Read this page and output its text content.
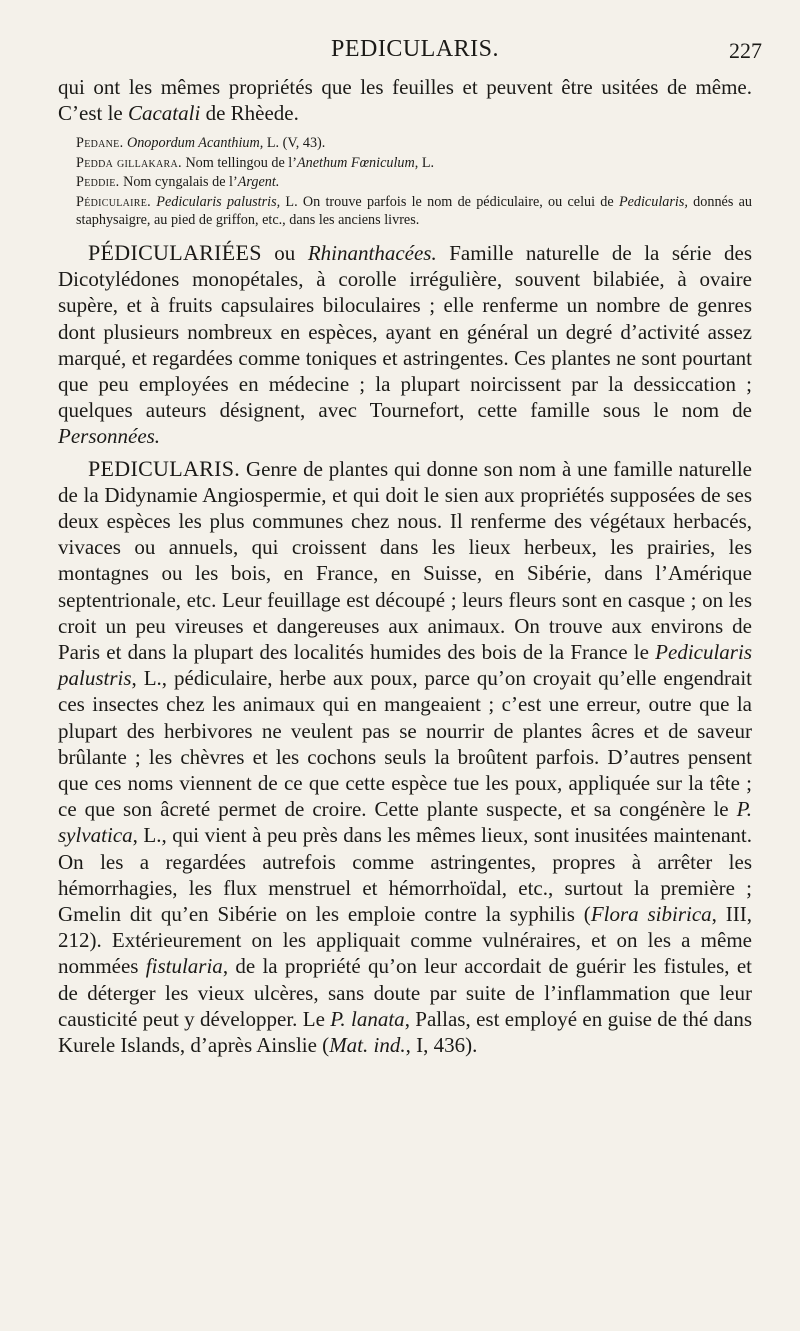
PEDICULARIS.	227

qui ont les mêmes propriétés que les feuilles et peuvent être usitées de même. C’est le Cacatali de Rhèede.

Pedane. Onopordum Acanthium, L. (V, 43).

Pedda gillakara. Nom tellingou de l’Anethum Fœniculum, L.

Peddie. Nom cyngalais de l’Argent.

Pédiculaire. Pedicularis palustris, L. On trouve parfois le nom de pédiculaire, ou celui de Pedicularis, donnés au staphysaigre, au pied de griffon, etc., dans les anciens livres.

PÉDICULARIÉES ou Rhinanthacées. Famille naturelle de la série des Dicotylédones monopétales, à corolle irrégulière, souvent bilabiée, à ovaire supère, et à fruits capsulaires biloculaires ; elle renferme un nombre de genres dont plusieurs nombreux en espèces, ayant en général un degré d’activité assez marqué, et regardées comme toniques et astringentes. Ces plantes ne sont pourtant que peu employées en médecine ; la plupart noircissent par la dessiccation ; quelques auteurs désignent, avec Tournefort, cette famille sous le nom de Personnées.

PEDICULARIS. Genre de plantes qui donne son nom à une famille naturelle de la Didynamie Angiospermie, et qui doit le sien aux propriétés supposées de ses deux espèces les plus communes chez nous. Il renferme des végétaux herbacés, vivaces ou annuels, qui croissent dans les lieux herbeux, les prairies, les montagnes ou les bois, en France, en Suisse, en Sibérie, dans l’Amérique septentrionale, etc. Leur feuillage est découpé ; leurs fleurs sont en casque ; on les croit un peu vireuses et dangereuses aux animaux. On trouve aux environs de Paris et dans la plupart des localités humides des bois de la France le Pedicularis palustris, L., pédiculaire, herbe aux poux, parce qu’on croyait qu’elle engendrait ces insectes chez les animaux qui en mangeaient ; c’est une erreur, outre que la plupart des herbivores ne veulent pas se nourrir de plantes âcres et de saveur brûlante ; les chèvres et les cochons seuls la broûtent parfois. D’autres pensent que ces noms viennent de ce que cette espèce tue les poux, appliquée sur la tête ; ce que son âcreté permet de croire. Cette plante suspecte, et sa congénère le P. sylvatica, L., qui vient à peu près dans les mêmes lieux, sont inusitées maintenant. On les a regardées autrefois comme astringentes, propres à arrêter les hémorrhagies, les flux menstruel et hémorrhoïdal, etc., surtout la première ; Gmelin dit qu’en Sibérie on les emploie contre la syphilis (Flora sibirica, III, 212). Extérieurement on les appliquait comme vulnéraires, et on les a même nommées fistularia, de la propriété qu’on leur accordait de guérir les fistules, et de déterger les vieux ulcères, sans doute par suite de l’inflammation que leur causticité peut y développer. Le P. lanata, Pallas, est employé en guise de thé dans Kurele Islands, d’après Ainslie (Mat. ind., I, 436).
